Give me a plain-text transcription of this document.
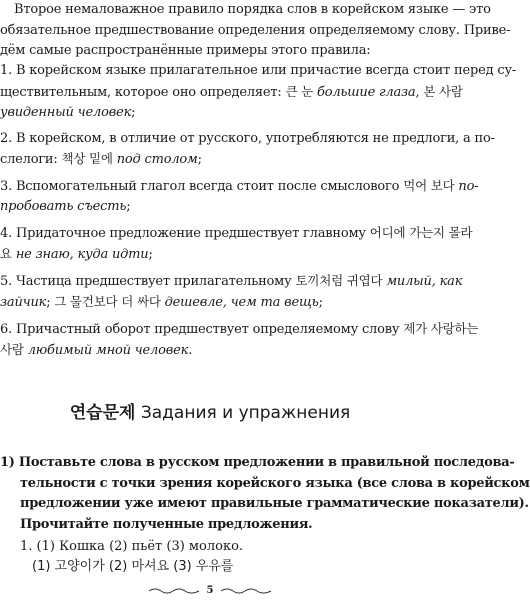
Второе немаловажное правило порядка слов в корейском языке — это
обязательное предшествование определения определяемому слову. Приве-
дём самые распространённые примеры этого правила:

1. В корейском языке прилагательное или причастие всегда стоит перед су-
ществительным, которое оно определяет: 큰 눈 большие глаза, 본 사람
увиденный человек;
2. В корейском, в отличие от русского, употребляются не предлоги, а по-
слелоги: 책상 밑에 под столом;
3. Вспомогательный глагол всегда стоит после смыслового 먹어 보다 по-
пробовать съесть;
4. Придаточное предложение предшествует главному 어디에 가는지 몰라
요 не знаю, куда идти;
5. Частица предшествует прилагательному 토끼처럼 귀엽다 милый, как
зайчик; 그 물건보다 더 싸다 дешевле, чем та вещь;
6. Причастный оборот предшествует определяемому слову 제가 사랑하는
사람 любимый мной человек.
연습문제 Задания и упражнения
1) Поставьте слова в русском предложении в правильной последова-
тельности с точки зрения корейского языка (все слова в корейском
предложении уже имеют правильные грамматические показатели).
Прочитайте полученные предложения.
1. (1) Кошка (2) пьёт (3) молоко.
(1) 고양이가 (2) 마셔요 (3) 우유를
5
